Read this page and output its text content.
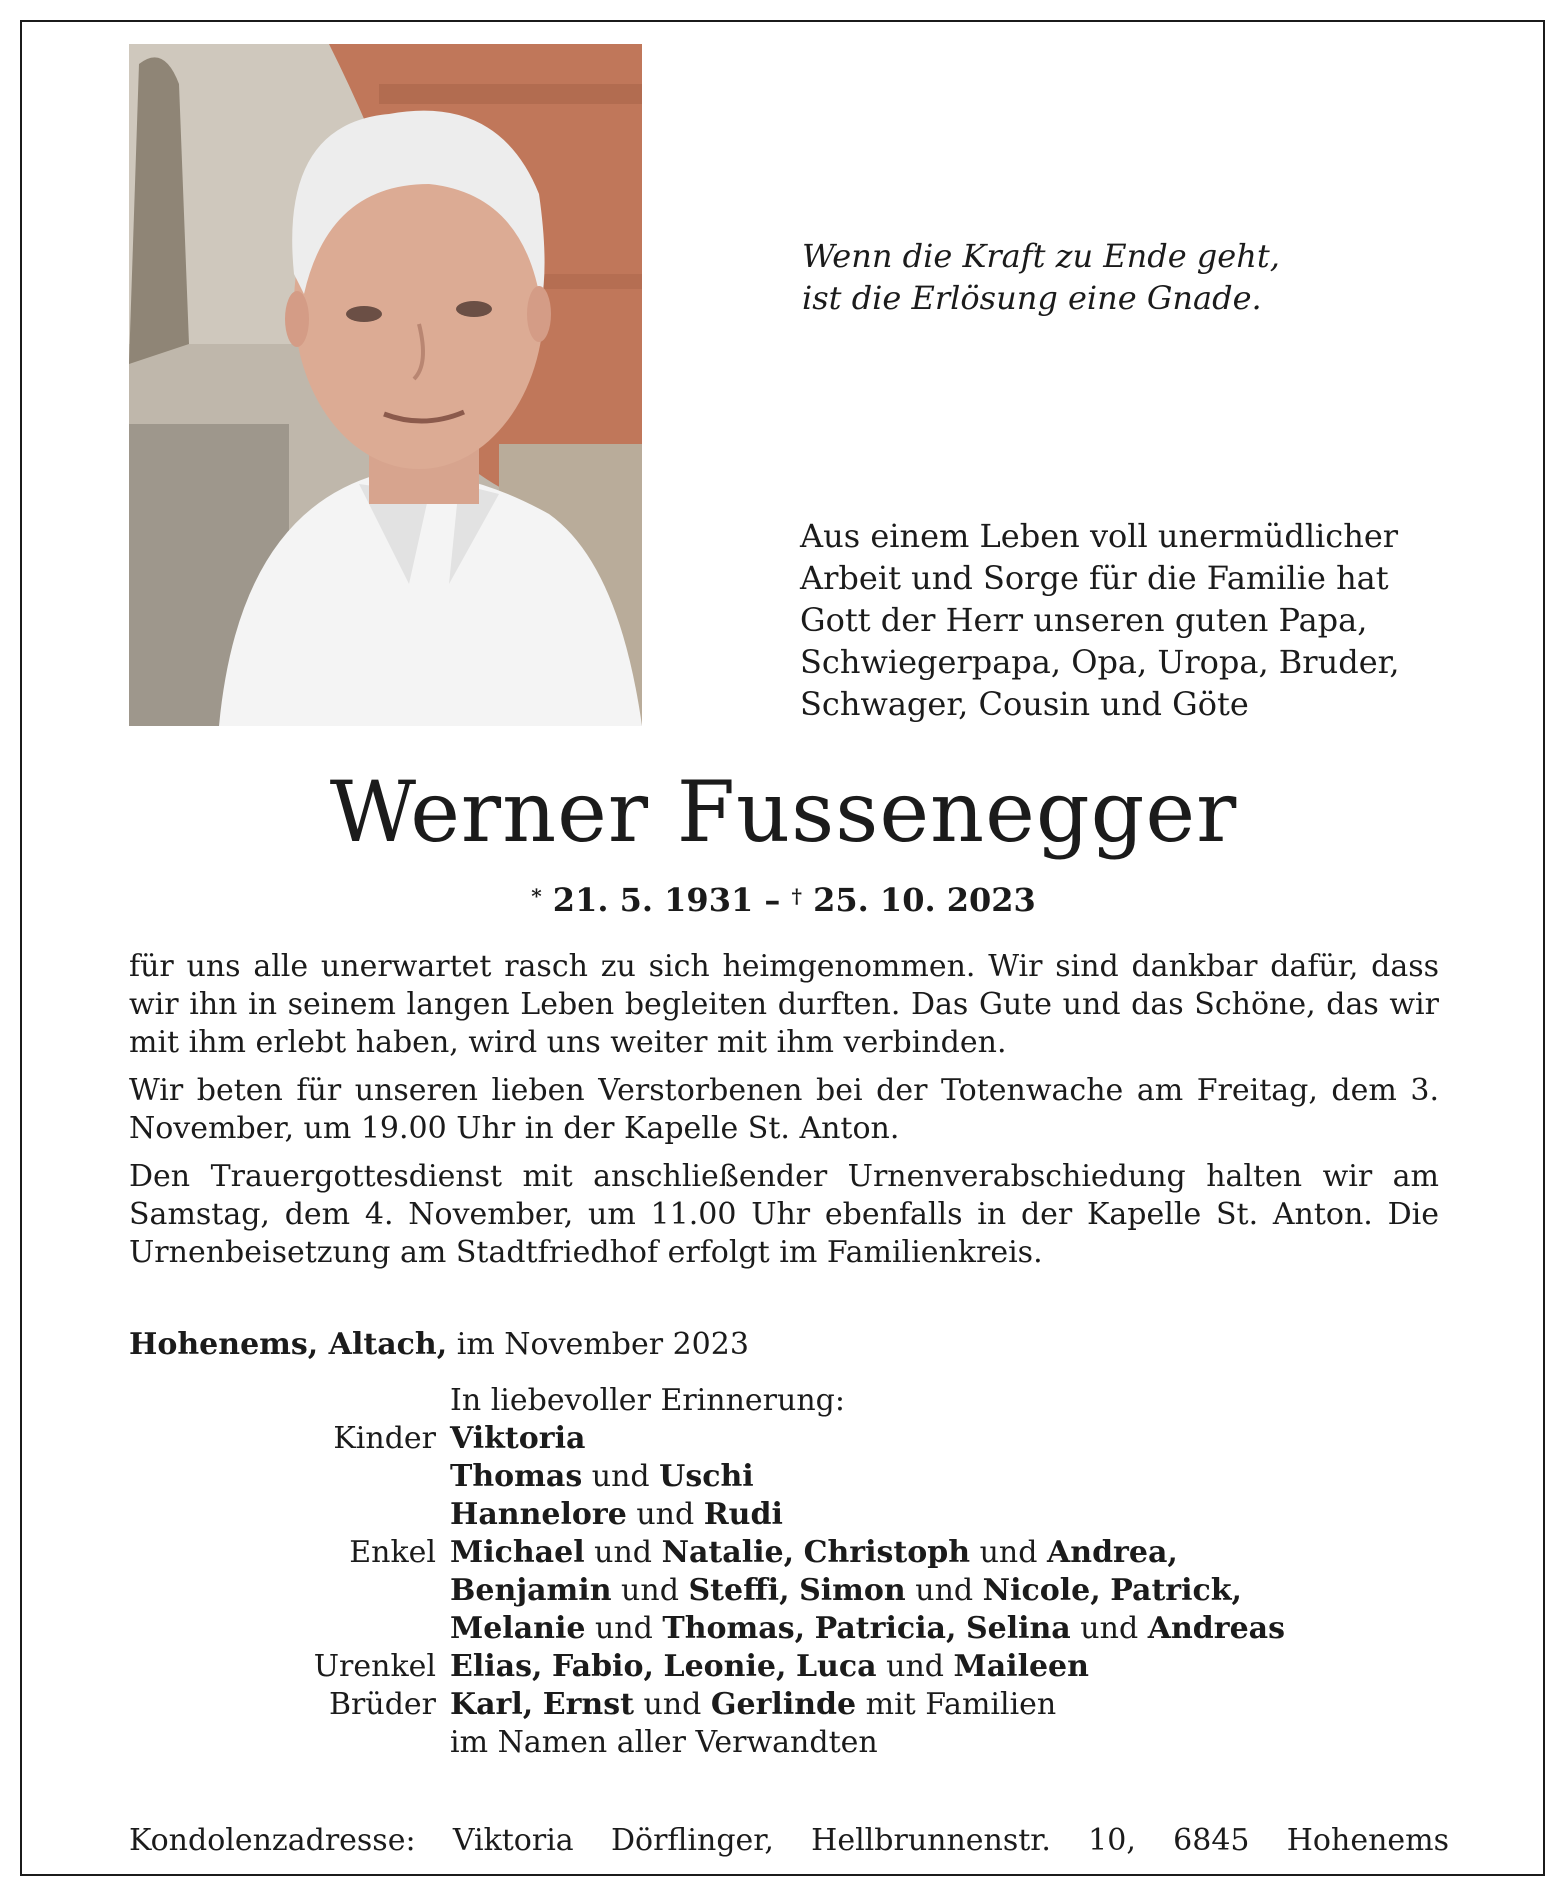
Wenn die Kraft zu Ende geht,
ist die Erlösung eine Gnade.
Aus einem Leben voll unermüdlicher
Arbeit und Sorge für die Familie hat
Gott der Herr unseren guten Papa,
Schwiegerpapa, Opa, Uropa, Bruder,
Schwager, Cousin und Göte
Werner Fussenegger
* 21. 5. 1931 – † 25. 10. 2023

für uns alle unerwartet rasch zu sich heimgenommen. Wir sind dankbar dafür, dass wir ihn in seinem langen Leben begleiten durften. Das Gute und das Schöne, das wir mit ihm erlebt haben, wird uns weiter mit ihm verbinden.

Wir beten für unseren lieben Verstorbenen bei der Totenwache am Freitag, dem 3. November, um 19.00 Uhr in der Kapelle St. Anton.

Den Trauergottesdienst mit anschließender Urnenverabschiedung halten wir am Samstag, dem 4. November, um 11.00 Uhr ebenfalls in der Kapelle St. Anton. Die Urnenbeisetzung am Stadtfriedhof erfolgt im Familienkreis.

Hohenems, Altach, im November 2023
In liebevoller Erinnerung:
Kinder Viktoria
Thomas und Uschi
Hannelore und Rudi
Enkel Michael und Natalie, Christoph und Andrea,
Benjamin und Steffi, Simon und Nicole, Patrick,
Melanie und Thomas, Patricia, Selina und Andreas
Urenkel Elias, Fabio, Leonie, Luca und Maileen
Brüder Karl, Ernst und Gerlinde mit Familien
im Namen aller Verwandten
Kondolenzadresse: Viktoria Dörflinger, Hellbrunnenstr. 10, 6845 Hohenems
